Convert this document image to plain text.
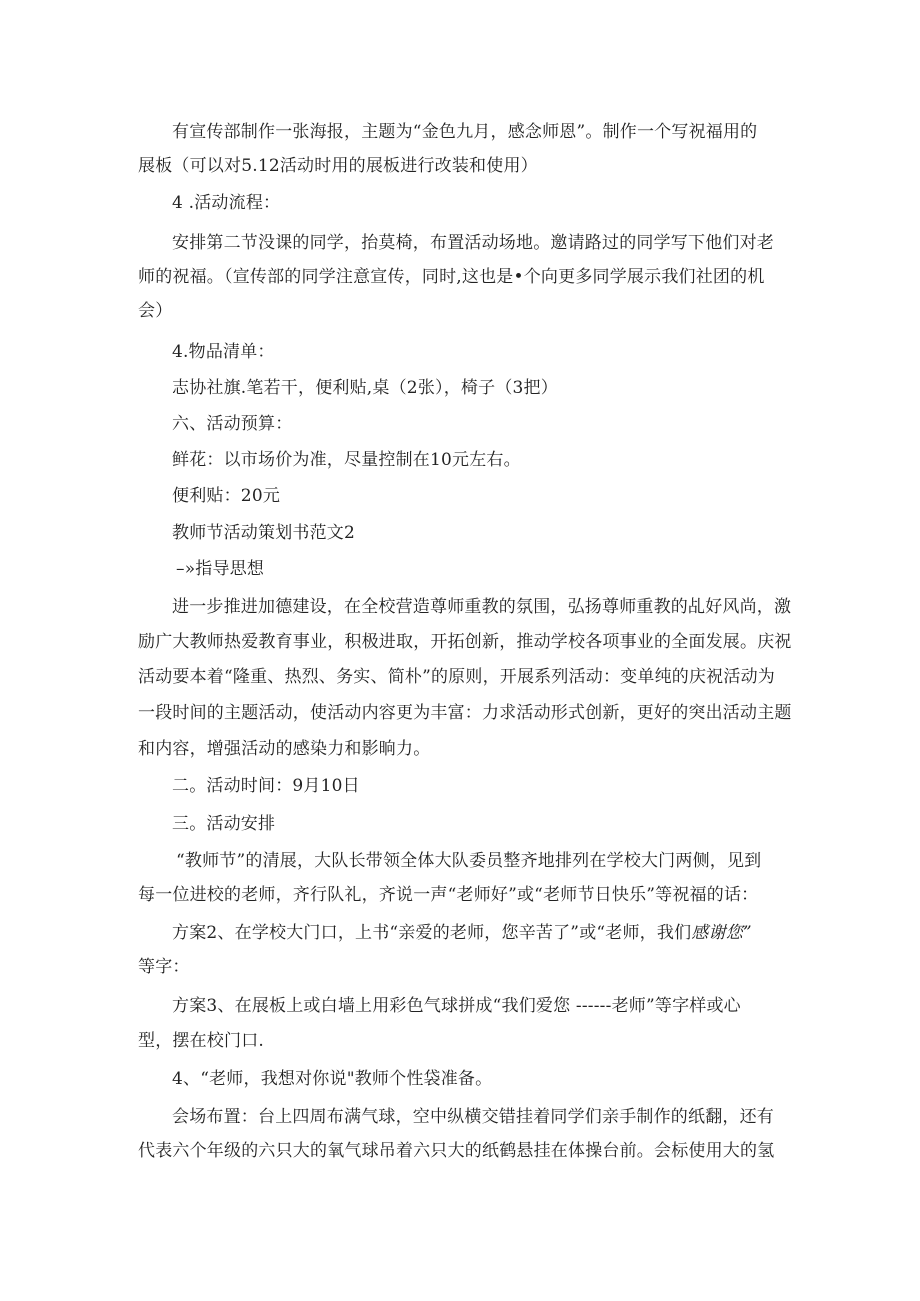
有宣传部制作一张海报，主题为“金色九月，感念师恩”。制作一个写祝福用的
展板（可以对5.12活动时用的展板进行改装和使用）
4 .活动流程：
安排第二节没课的同学，抬莫椅，布置活动场地。邀请路过的同学写下他们对老
师的祝福。（宣传部的同学注意宣传，同时,这也是•个向更多同学展示我们社团的机
会）
4.物品清单：
志协社旗.笔若干，便利贴,桌（2张），椅子（3把）
六、活动预算：
鲜花：以市场价为准，尽量控制在10元左右。
便利贴：20元
教师节活动策划书范文2
–»指导思想
进一步推进加德建设，在全校营造尊师重教的氛围，弘扬尊师重教的乩好风尚，激
励广大教师热爱教育事业，积极进取，开拓创新，推动学校各项事业的全面发展。庆祝
活动要本着“隆重、热烈、务实、简朴”的原则，开展系列活动：变单纯的庆祝活动为
一段时间的主题活动，使活动内容更为丰富：力求活动形式创新，更好的突出活动主题
和内容，增强活动的感染力和影晌力。
二。活动时间：9月10日
三。活动安排
“教师节”的清展，大队长带领全体大队委员整齐地排列在学校大门两侧，见到
每一位进校的老师，齐行队礼，齐说一声“老师好”或“老师节日快乐”等祝福的话：
方案2、在学校大门口，上书“亲爱的老师，您辛苦了”或“老师，我们感谢您”
等字：
方案3、在展板上或白墙上用彩色气球拼成“我们爱您 ------老师”等字样或心
型，摆在校门口.
4、“老师，我想对你说"教师个性袋准备。
会场布置：台上四周布满气球，空中纵横交错挂着同学们亲手制作的纸翻，还有
代表六个年级的六只大的氧气球吊着六只大的纸鹤悬挂在体操台前。会标使用大的氢
